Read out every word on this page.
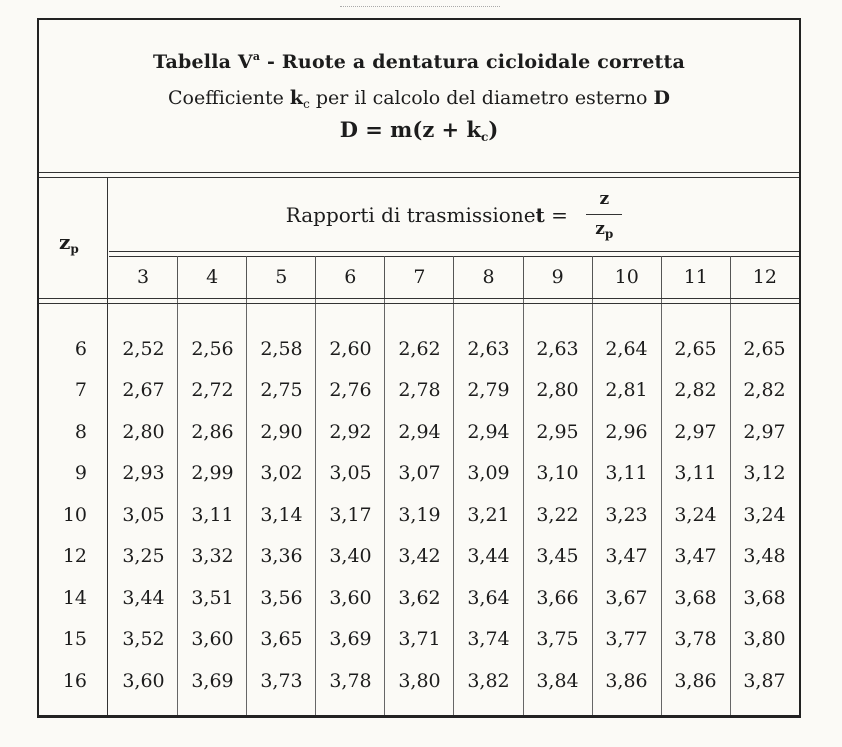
Tabella $V^a$ - Ruote a dentatura cicloidale corretta
Coefficiente $k_c$ per il calcolo del diametro esterno D
$D = m(z + k_c)$
$z_p$
Rapporti di trasmissione $t = \frac{z}{z_p}$
3	4	5	6	7	8	9	10	11	12
6	2,52	2,56	2,58	2,60	2,62	2,63	2,63	2,64	2,65	2,65
7	2,67	2,72	2,75	2,76	2,78	2,79	2,80	2,81	2,82	2,82
8	2,80	2,86	2,90	2,92	2,94	2,94	2,95	2,96	2,97	2,97
9	2,93	2,99	3,02	3,05	3,07	3,09	3,10	3,11	3,11	3,12
10	3,05	3,11	3,14	3,17	3,19	3,21	3,22	3,23	3,24	3,24
12	3,25	3,32	3,36	3,40	3,42	3,44	3,45	3,47	3,47	3,48
14	3,44	3,51	3,56	3,60	3,62	3,64	3,66	3,67	3,68	3,68
15	3,52	3,60	3,65	3,69	3,71	3,74	3,75	3,77	3,78	3,80
16	3,60	3,69	3,73	3,78	3,80	3,82	3,84	3,86	3,86	3,87
